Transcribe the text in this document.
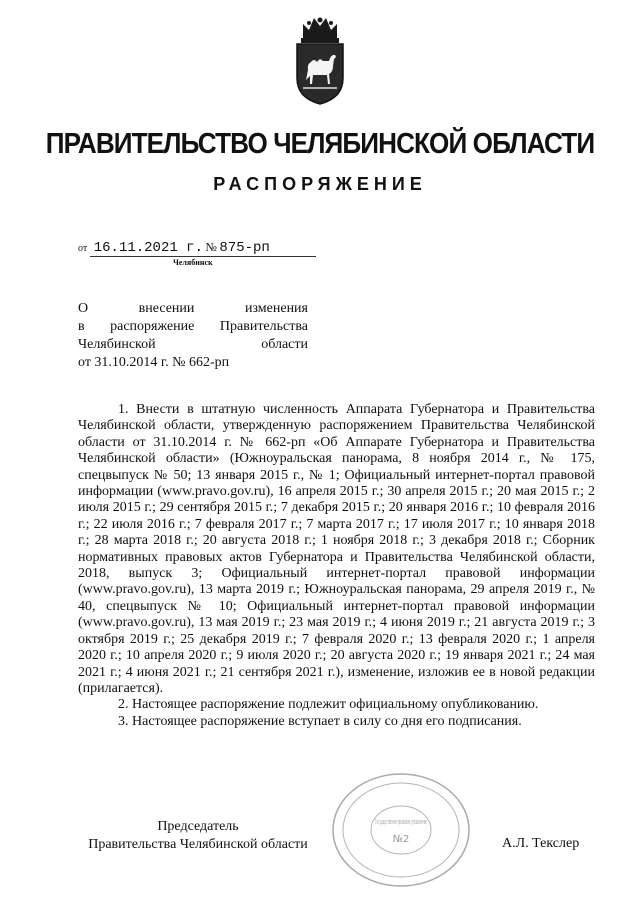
ПРАВИТЕЛЬСТВО ЧЕЛЯБИНСКОЙ ОБЛАСТИ
РАСПОРЯЖЕНИЕ
от 16.11.2021 г. № 875-рп
Челябинск
О внесении изменения
в распоряжение Правительства
Челябинской области
от 31.10.2014 г. № 662-рп

1. Внести в штатную численность Аппарата Губернатора и Правительства Челябинской области, утвержденную распоряжением Правительства Челябинской области от 31.10.2014 г. № 662-рп «Об Аппарате Губернатора и Правительства Челябинской области» (Южноуральская панорама, 8 ноября 2014 г., № 175, спецвыпуск № 50; 13 января 2015 г., № 1; Официальный интернет-портал правовой информации (www.pravo.gov.ru), 16 апреля 2015 г.; 30 апреля 2015 г.; 20 мая 2015 г.; 2 июля 2015 г.; 29 сентября 2015 г.; 7 декабря 2015 г.; 20 января 2016 г.; 10 февраля 2016 г.; 22 июля 2016 г.; 7 февраля 2017 г.; 7 марта 2017 г.; 17 июля 2017 г.; 10 января 2018 г.; 28 марта 2018 г.; 20 августа 2018 г.; 1 ноября 2018 г.; 3 декабря 2018 г.; Сборник нормативных правовых актов Губернатора и Правительства Челябинской области, 2018, выпуск 3; Официальный интернет-портал правовой информации (www.pravo.gov.ru), 13 марта 2019 г.; Южноуральская панорама, 29 апреля 2019 г., № 40, спецвыпуск № 10; Официальный интернет-портал правовой информации (www.pravo.gov.ru), 13 мая 2019 г.; 23 мая 2019 г.; 4 июня 2019 г.; 21 августа 2019 г.; 3 октября 2019 г.; 25 декабря 2019 г.; 7 февраля 2020 г.; 13 февраля 2020 г.; 1 апреля 2020 г.; 10 апреля 2020 г.; 9 июля 2020 г.; 20 августа 2020 г.; 19 января 2021 г.; 24 мая 2021 г.; 4 июня 2021 г.; 21 сентября 2021 г.), изменение, изложив ее в новой редакции (прилагается).

2. Настоящее распоряжение подлежит официальному опубликованию.

3. Настоящее распоряжение вступает в силу со дня его подписания.

Председатель
Правительства Челябинской области	А.Л. Текслер
Государственно-правовое управление
№2
